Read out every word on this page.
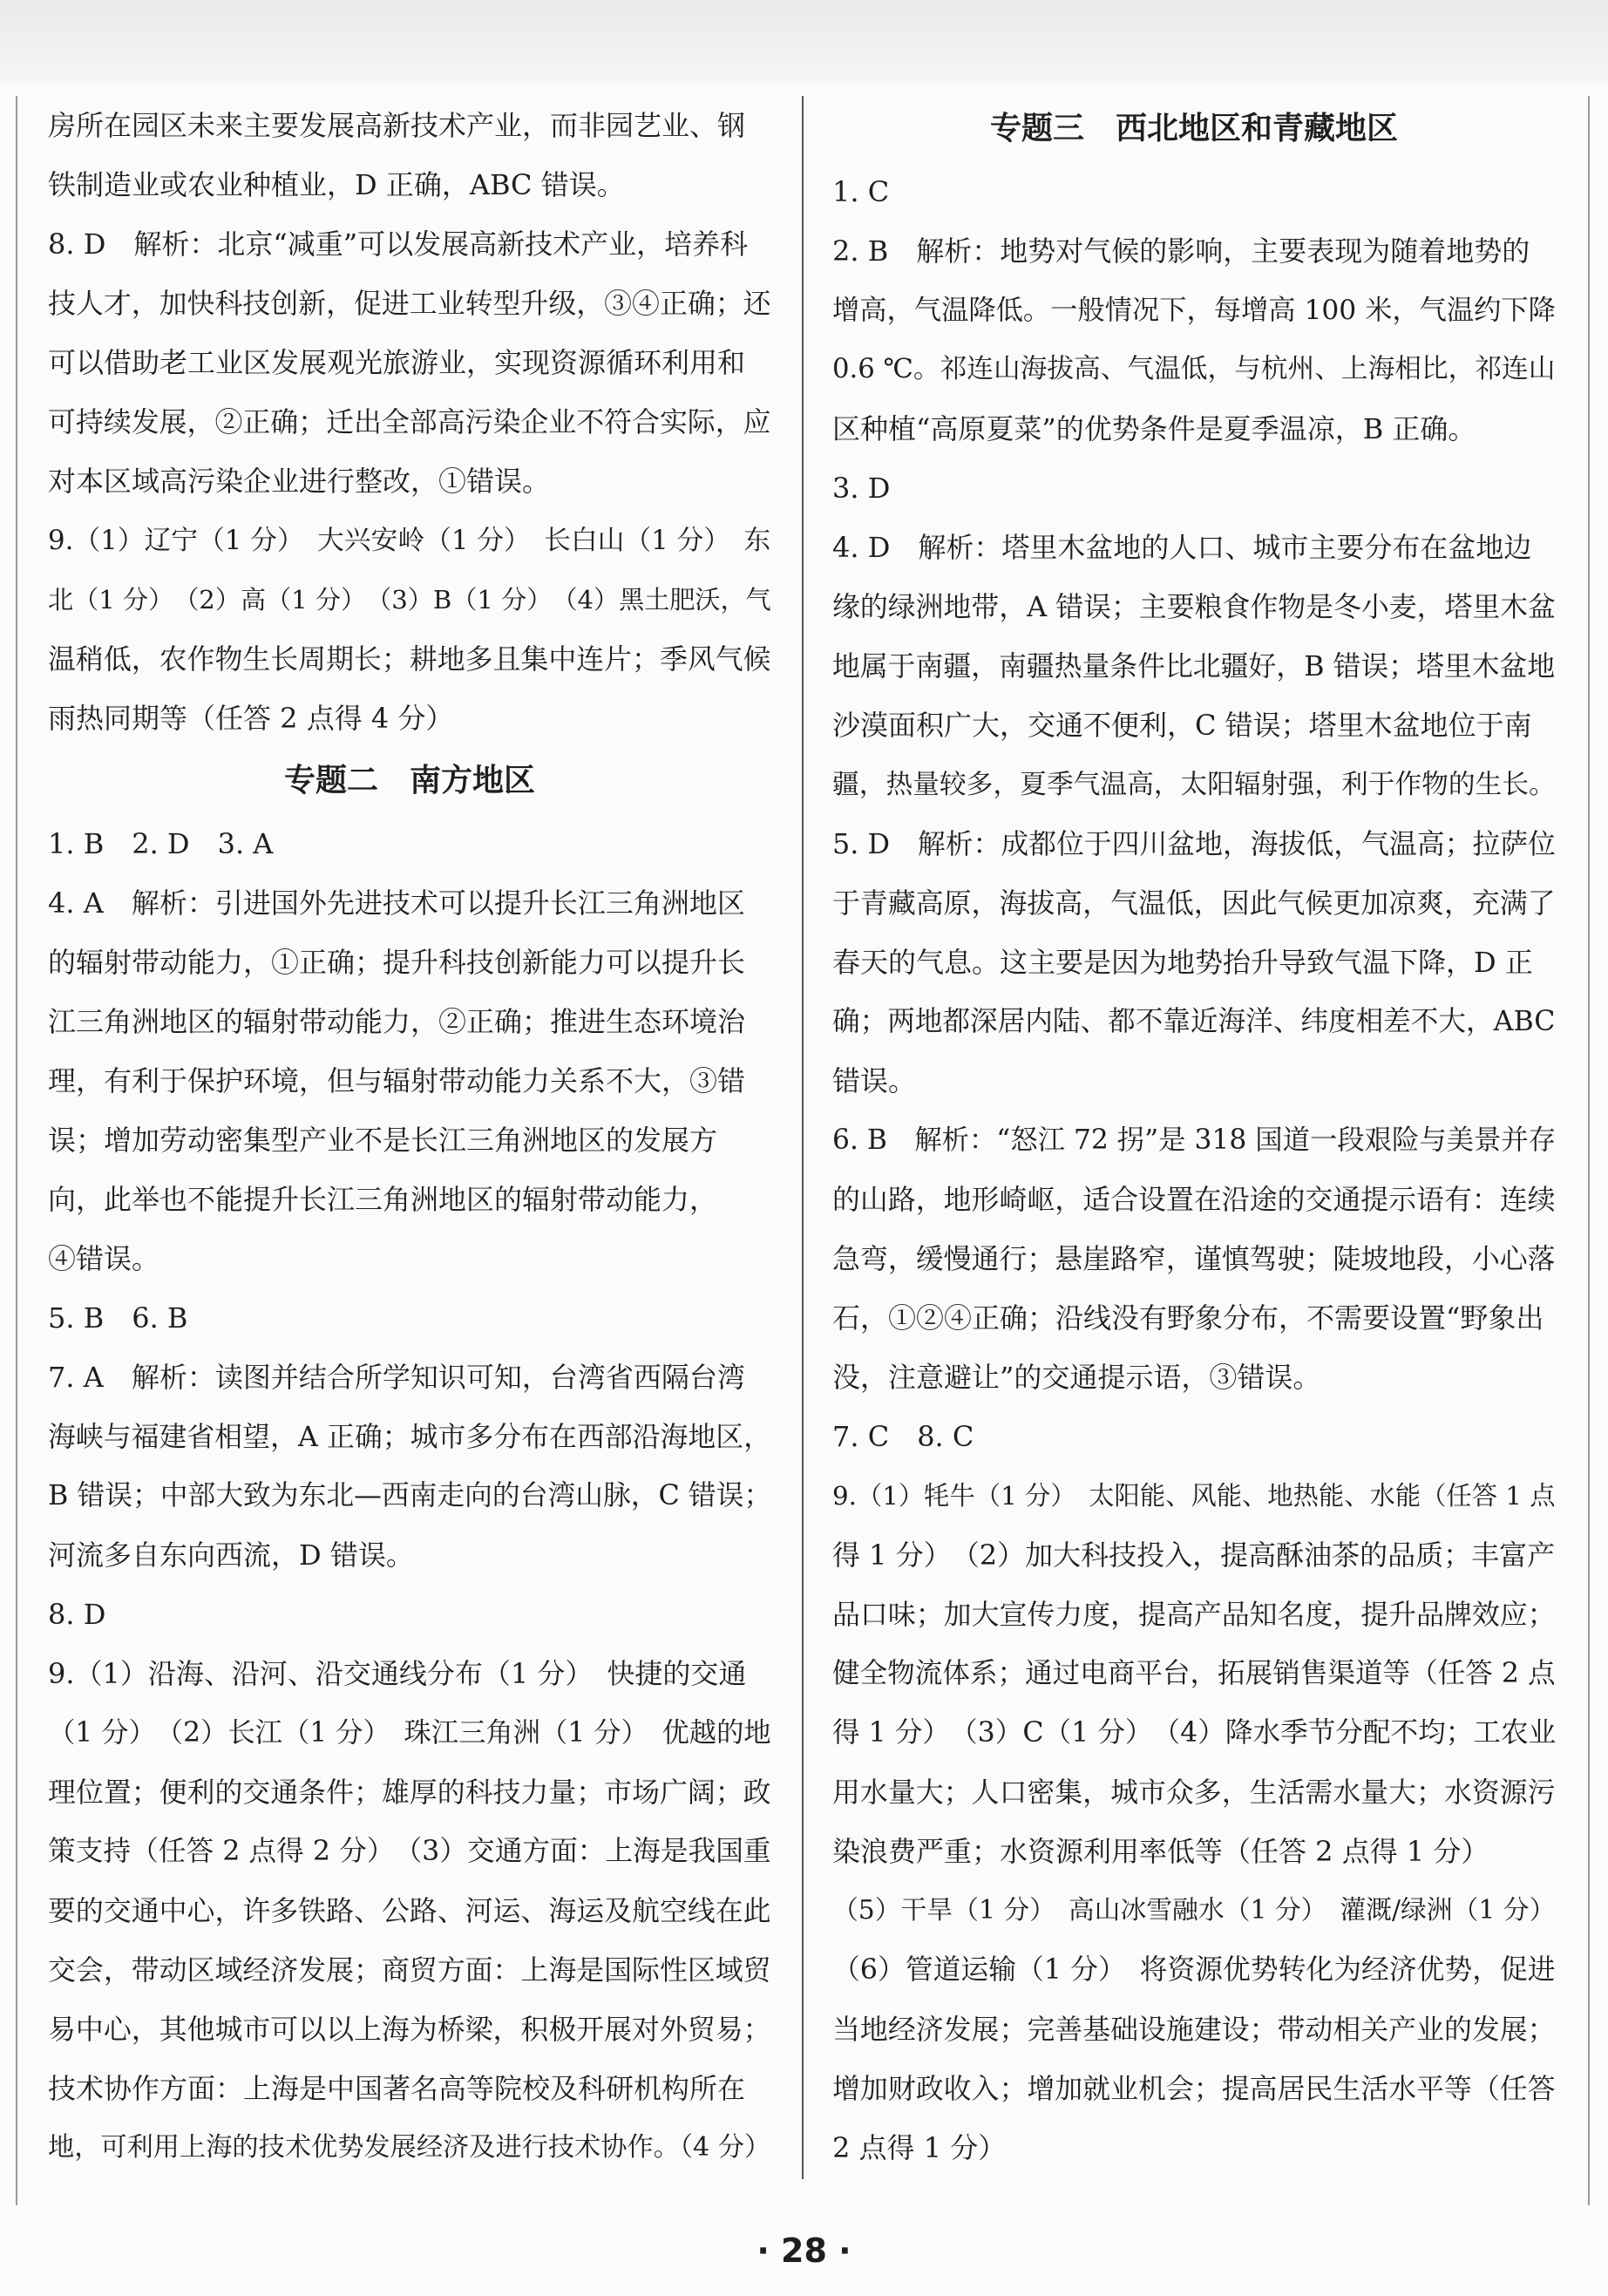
房所在园区未来主要发展高新技术产业，而非园艺业、钢
铁制造业或农业种植业，D 正确，ABC 错误。
8. D　解析：北京“减重”可以发展高新技术产业，培养科
技人才，加快科技创新，促进工业转型升级，③④正确；还
可以借助老工业区发展观光旅游业，实现资源循环利用和
可持续发展，②正确；迁出全部高污染企业不符合实际，应
对本区域高污染企业进行整改，①错误。
9.（1）辽宁（1 分）　大兴安岭（1 分）　长白山（1 分）　东
北（1 分）　（2）高（1 分）　（3）B（1 分）　（4）黑土肥沃，气
温稍低，农作物生长周期长；耕地多且集中连片；季风气候
雨热同期等（任答 2 点得 4 分）
专题二　南方地区
1. B　2. D　3. A
4. A　解析：引进国外先进技术可以提升长江三角洲地区
的辐射带动能力，①正确；提升科技创新能力可以提升长
江三角洲地区的辐射带动能力，②正确；推进生态环境治
理，有利于保护环境，但与辐射带动能力关系不大，③错
误；增加劳动密集型产业不是长江三角洲地区的发展方
向，此举也不能提升长江三角洲地区的辐射带动能力，
④错误。
5. B　6. B
7. A　解析：读图并结合所学知识可知，台湾省西隔台湾
海峡与福建省相望，A 正确；城市多分布在西部沿海地区，
B 错误；中部大致为东北—西南走向的台湾山脉，C 错误；
河流多自东向西流，D 错误。
8. D
9.（1）沿海、沿河、沿交通线分布（1 分）　快捷的交通
（1 分）　（2）长江（1 分）　珠江三角洲（1 分）　优越的地
理位置；便利的交通条件；雄厚的科技力量；市场广阔；政
策支持（任答 2 点得 2 分）　（3）交通方面：上海是我国重
要的交通中心，许多铁路、公路、河运、海运及航空线在此
交会，带动区域经济发展；商贸方面：上海是国际性区域贸
易中心，其他城市可以以上海为桥梁，积极开展对外贸易；
技术协作方面：上海是中国著名高等院校及科研机构所在
地，可利用上海的技术优势发展经济及进行技术协作。（4 分）
专题三　西北地区和青藏地区
1. C
2. B　解析：地势对气候的影响，主要表现为随着地势的
增高，气温降低。一般情况下，每增高 100 米，气温约下降
0.6 ℃。祁连山海拔高、气温低，与杭州、上海相比，祁连山
区种植“高原夏菜”的优势条件是夏季温凉，B 正确。
3. D
4. D　解析：塔里木盆地的人口、城市主要分布在盆地边
缘的绿洲地带，A 错误；主要粮食作物是冬小麦，塔里木盆
地属于南疆，南疆热量条件比北疆好，B 错误；塔里木盆地
沙漠面积广大，交通不便利，C 错误；塔里木盆地位于南
疆，热量较多，夏季气温高，太阳辐射强，利于作物的生长。
5. D　解析：成都位于四川盆地，海拔低，气温高；拉萨位
于青藏高原，海拔高，气温低，因此气候更加凉爽，充满了
春天的气息。这主要是因为地势抬升导致气温下降，D 正
确；两地都深居内陆、都不靠近海洋、纬度相差不大，ABC
错误。
6. B　解析：“怒江 72 拐”是 318 国道一段艰险与美景并存
的山路，地形崎岖，适合设置在沿途的交通提示语有：连续
急弯，缓慢通行；悬崖路窄，谨慎驾驶；陡坡地段，小心落
石，①②④正确；沿线没有野象分布，不需要设置“野象出
没，注意避让”的交通提示语，③错误。
7. C　8. C
9.（1）牦牛（1 分）　太阳能、风能、地热能、水能（任答 1 点
得 1 分）　（2）加大科技投入，提高酥油茶的品质；丰富产
品口味；加大宣传力度，提高产品知名度，提升品牌效应；
健全物流体系；通过电商平台，拓展销售渠道等（任答 2 点
得 1 分）　（3）C（1 分）　（4）降水季节分配不均；工农业
用水量大；人口密集，城市众多，生活需水量大；水资源污
染浪费严重；水资源利用率低等（任答 2 点得 1 分）
（5）干旱（1 分）　高山冰雪融水（1 分）　灌溉/绿洲（1 分）
（6）管道运输（1 分）　将资源优势转化为经济优势，促进
当地经济发展；完善基础设施建设；带动相关产业的发展；
增加财政收入；增加就业机会；提高居民生活水平等（任答
2 点得 1 分）
· 28 ·
